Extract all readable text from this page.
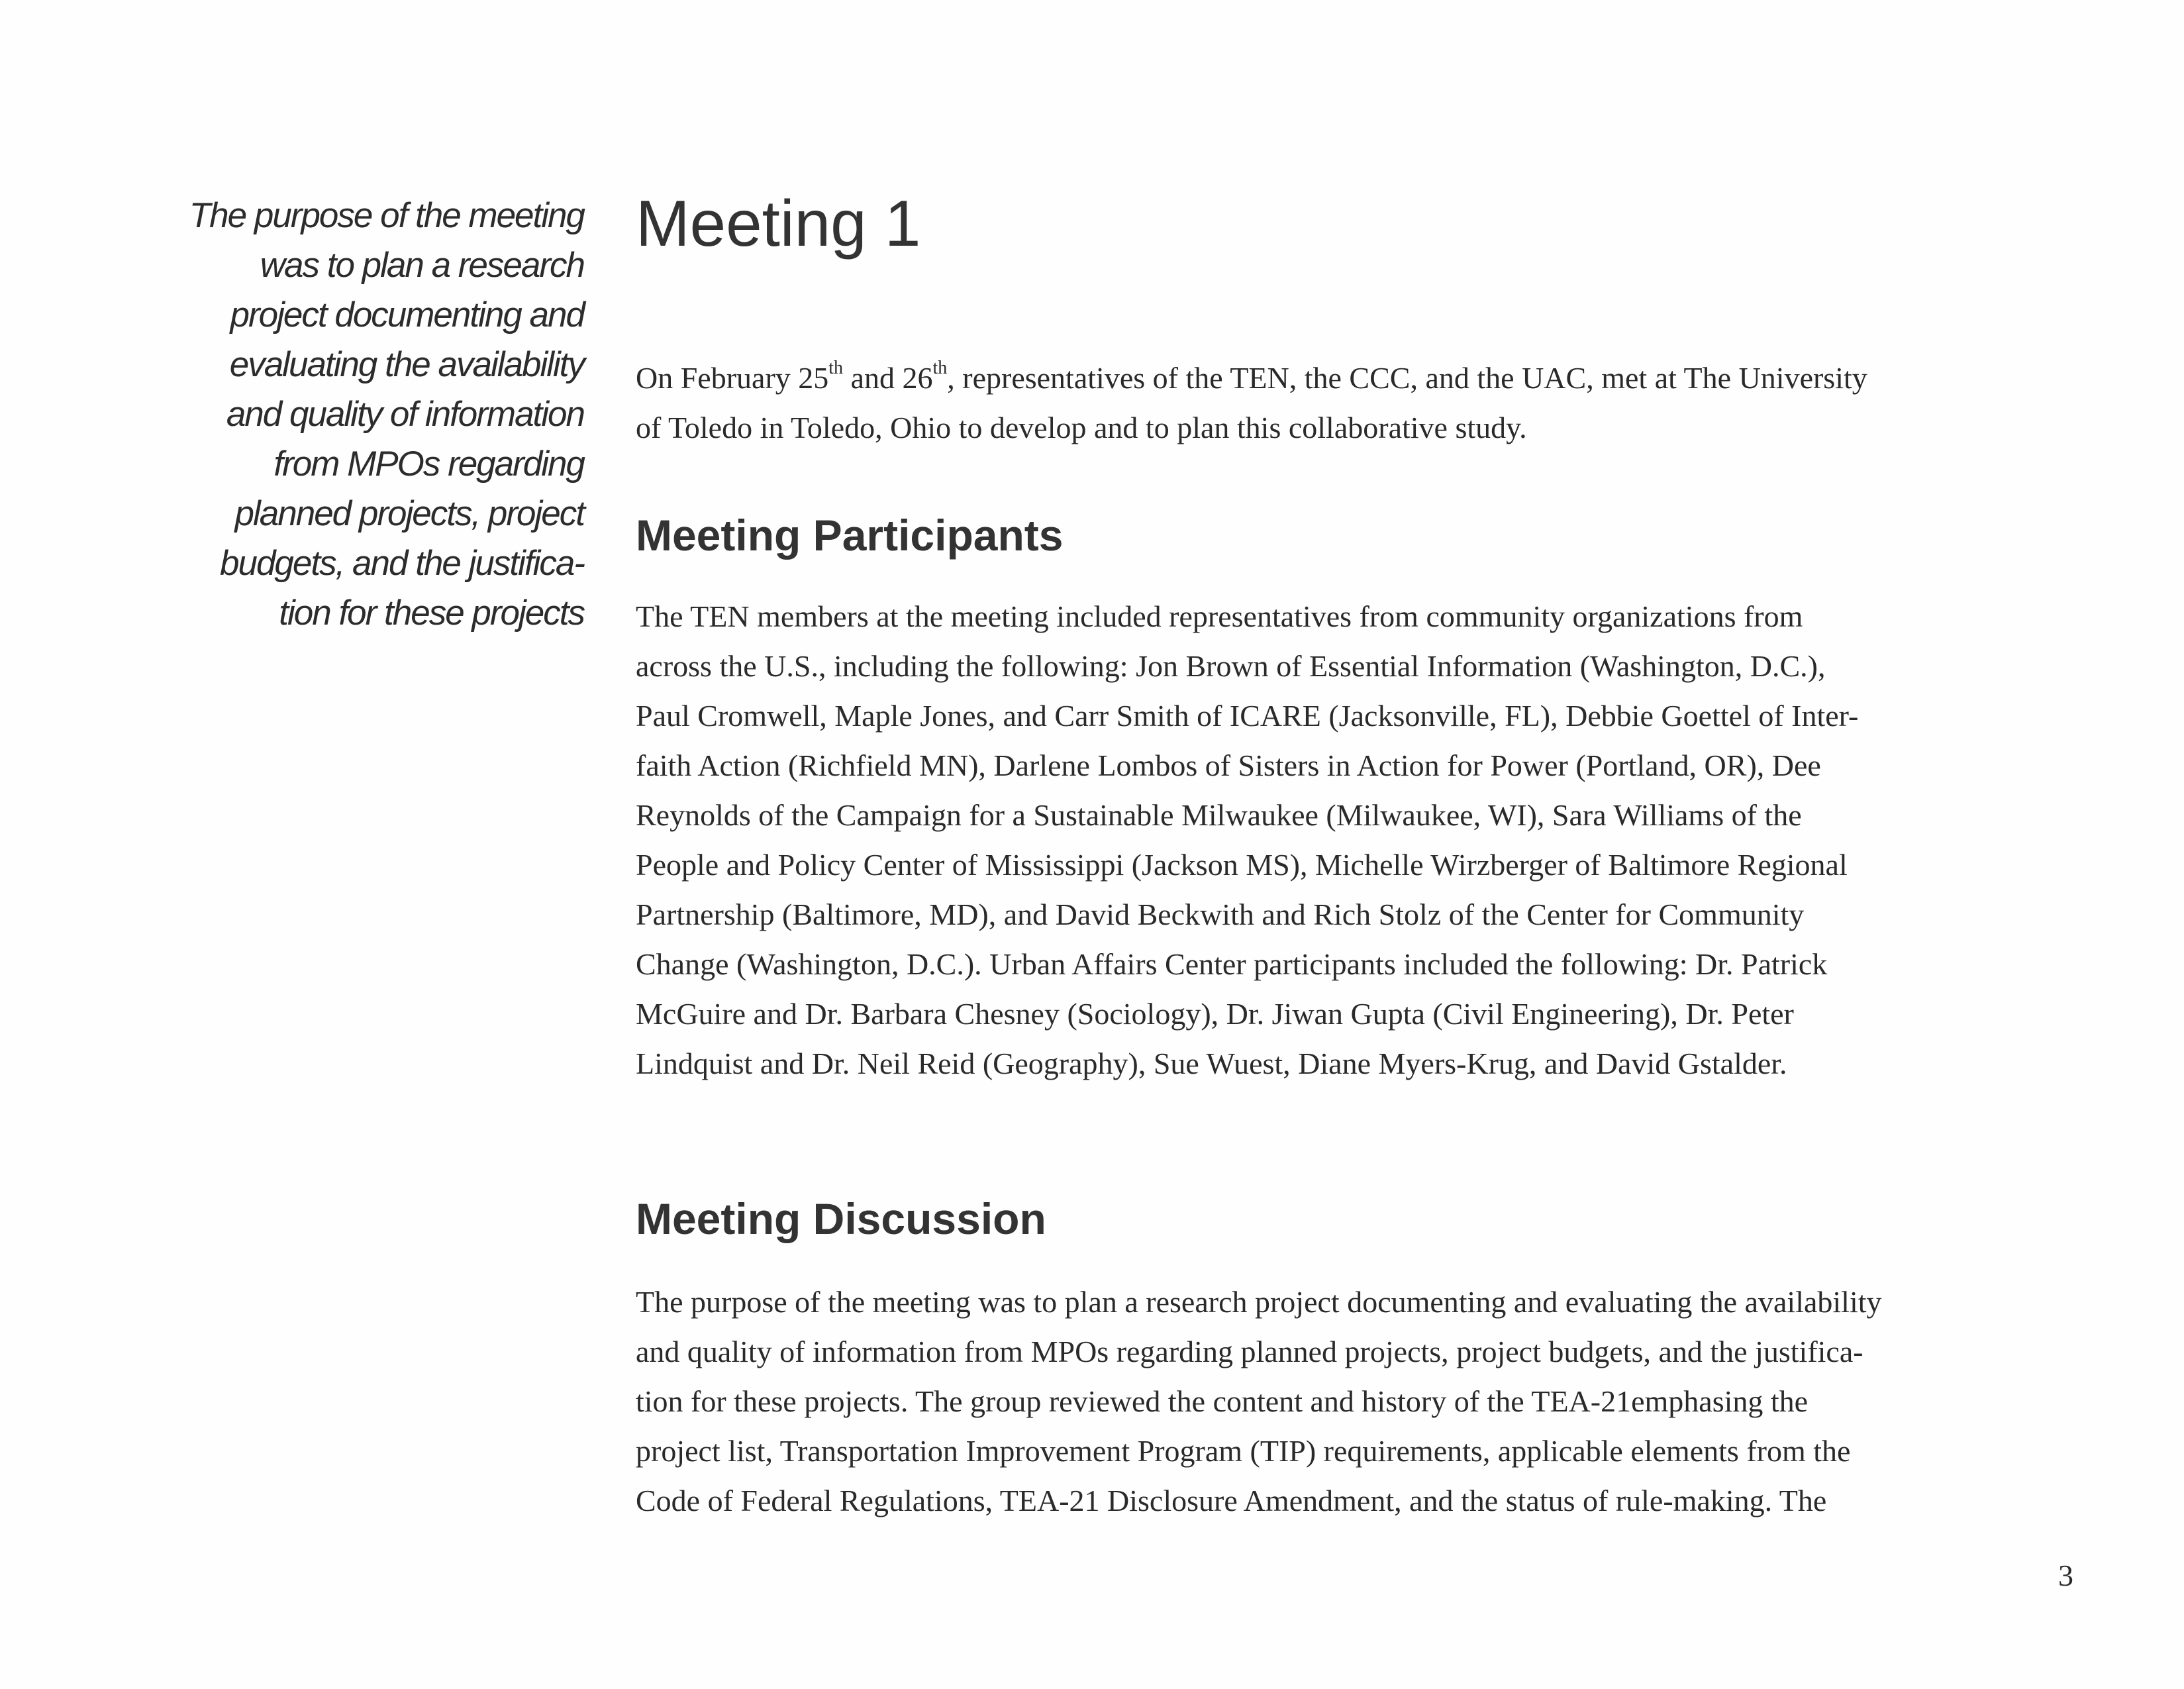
The purpose of the meeting
was to plan a research
project documenting and
evaluating the availability
and quality of information
from MPOs regarding
planned projects, project
budgets, and the justifica-
tion for these projects
Meeting 1
On February 25th and 26th, representatives of the TEN, the CCC, and the UAC, met at The University
of Toledo in Toledo, Ohio to develop and to plan this collaborative study.
Meeting Participants
The TEN members at the meeting included representatives from community organizations from
across the U.S., including the following: Jon Brown of Essential Information (Washington, D.C.),
Paul Cromwell, Maple Jones, and Carr Smith of ICARE (Jacksonville, FL), Debbie Goettel of Inter-
faith Action (Richfield MN), Darlene Lombos of Sisters in Action for Power (Portland, OR), Dee
Reynolds of the Campaign for a Sustainable Milwaukee (Milwaukee, WI), Sara Williams of the
People and Policy Center of Mississippi (Jackson MS), Michelle Wirzberger of Baltimore Regional
Partnership (Baltimore, MD), and David Beckwith and Rich Stolz of the Center for Community
Change (Washington, D.C.). Urban Affairs Center participants included the following: Dr. Patrick
McGuire and Dr. Barbara Chesney (Sociology), Dr. Jiwan Gupta (Civil Engineering), Dr. Peter
Lindquist and Dr. Neil Reid (Geography), Sue Wuest, Diane Myers-Krug, and David Gstalder.
Meeting Discussion
The purpose of the meeting was to plan a research project documenting and evaluating the availability
and quality of information from MPOs regarding planned projects, project budgets, and the justifica-
tion for these projects. The group reviewed the content and history of the TEA-21emphasing the
project list, Transportation Improvement Program (TIP) requirements, applicable elements from the
Code of Federal Regulations, TEA-21 Disclosure Amendment, and the status of rule-making. The
3
